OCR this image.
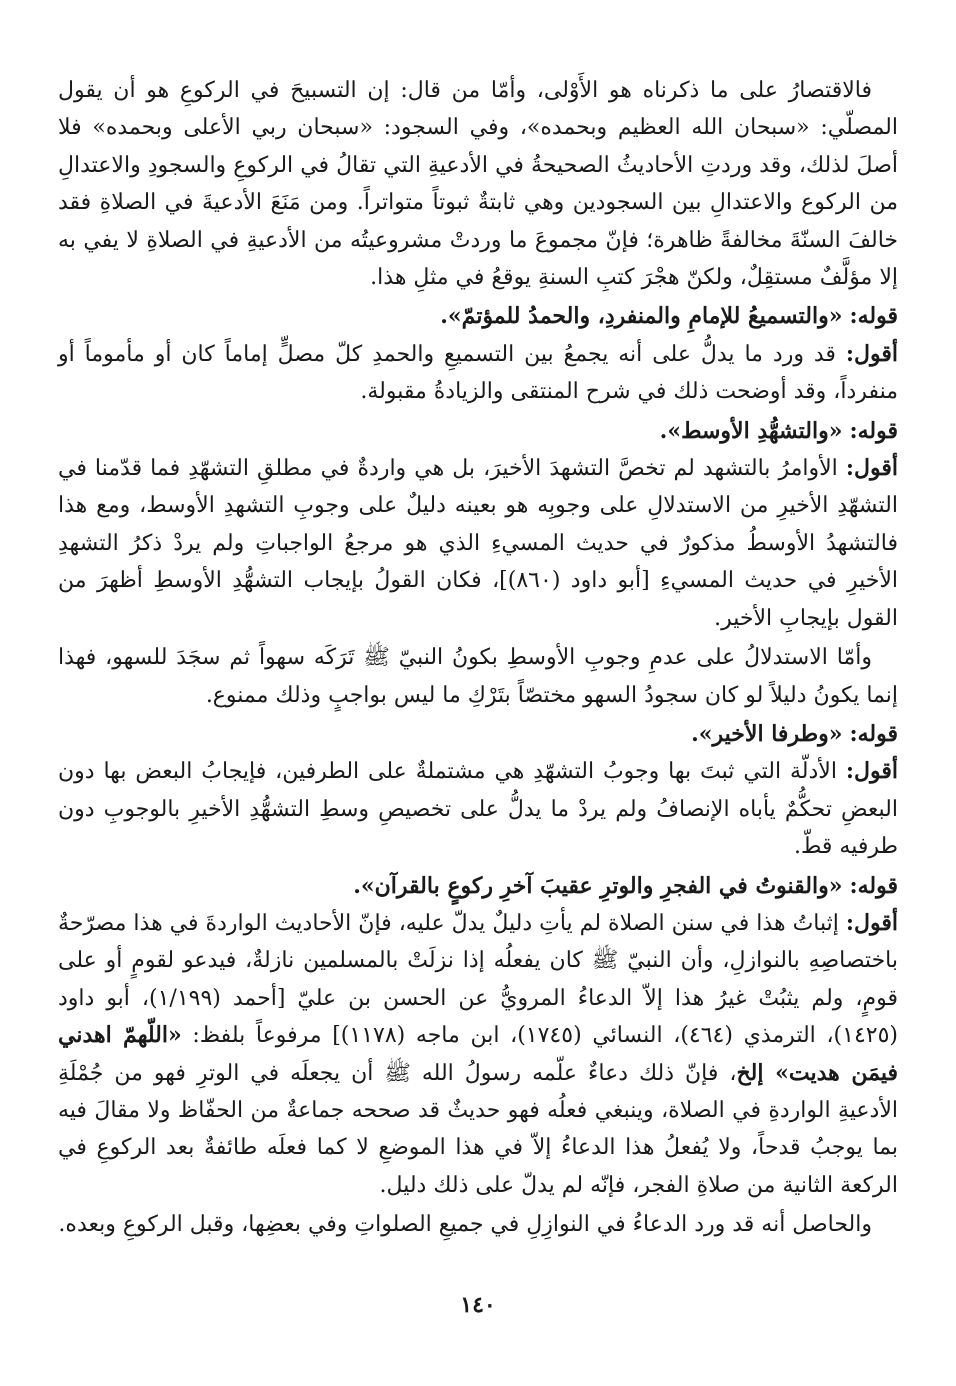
فالاقتصارُ على ما ذكرناه هو الأَوْلى، وأمّا من قال: إن التسبيحَ في الركوعِ هو أن يقول المصلّي: «سبحان الله العظيم وبحمده»، وفي السجود: «سبحان ربي الأعلى وبحمده» فلا أصلَ لذلك، وقد وردتِ الأحاديثُ الصحيحةُ في الأدعيةِ التي تقالُ في الركوعِ والسجودِ والاعتدالِ من الركوع والاعتدالِ بين السجودين وهي ثابتةٌ ثبوتاً متواتراً. ومن مَنَعَ الأدعيةَ في الصلاةِ فقد خالفَ السنّةَ مخالفةً ظاهرة؛ فإنّ مجموعَ ما وردتْ مشروعيتُه من الأدعيةِ في الصلاةِ لا يفي به إلا مؤلَّفٌ مستقِلٌ، ولكنّ هجْرَ كتبِ السنةِ يوقعُ في مثلِ هذا.

قوله: «والتسميعُ للإمامِ والمنفردِ، والحمدُ للمؤتمّ».

أقول: قد ورد ما يدلُّ على أنه يجمعُ بين التسميعِ والحمدِ كلّ مصلٍّ إماماً كان أو مأموماً أو منفرداً، وقد أوضحت ذلك في شرح المنتقى والزيادةُ مقبولة.

قوله: «والتشهُّدِ الأوسط».

أقول: الأوامرُ بالتشهد لم تخصَّ التشهدَ الأخيرَ، بل هي واردةٌ في مطلقِ التشهّدِ فما قدّمنا في التشهّدِ الأخيرِ من الاستدلالِ على وجوبِه هو بعينه دليلٌ على وجوبِ التشهدِ الأوسط، ومع هذا فالتشهدُ الأوسطُ مذكورٌ في حديث المسيءِ الذي هو مرجعُ الواجباتِ ولم يردْ ذكرُ التشهدِ الأخيرِ في حديث المسيءِ [أبو داود (٨٦٠)]، فكان القولُ بإيجاب التشهُّدِ الأوسطِ أظهرَ من القول بإيجابِ الأخير.

وأمّا الاستدلالُ على عدمِ وجوبِ الأوسطِ بكونُ النبيّ ﷺ تَرَكَه سهواً ثم سجَدَ للسهو، فهذا إنما يكونُ دليلاً لو كان سجودُ السهو مختصّاً بتَرْكِ ما ليس بواجبٍ وذلك ممنوع.

قوله: «وطرفا الأخير».

أقول: الأدلّة التي ثبتَ بها وجوبُ التشهّدِ هي مشتملةٌ على الطرفين، فإيجابُ البعض بها دون البعضِ تحكُّمٌ يأباه الإنصافُ ولم يردْ ما يدلُّ على تخصيصِ وسطِ التشهُّدِ الأخيرِ بالوجوبِ دون طرفيه قطّ.

قوله: «والقنوتُ في الفجرِ والوترِ عقيبَ آخرِ ركوعٍ بالقرآن».

أقول: إثباتُ هذا في سنن الصلاة لم يأتِ دليلٌ يدلّ عليه، فإنّ الأحاديث الواردةَ في هذا مصرّحةٌ باختصاصِهِ بالنوازلِ، وأن النبيّ ﷺ كان يفعلُه إذا نزلَتْ بالمسلمين نازلةٌ، فيدعو لقومٍ أو على قومٍ، ولم يثبُتْ غيرُ هذا إلاّ الدعاءُ المرويُّ عن الحسن بن عليّ [أحمد (١/١٩٩)، أبو داود (١٤٢٥)، الترمذي (٤٦٤)، النسائي (١٧٤٥)، ابن ماجه (١١٧٨)] مرفوعاً بلفظ: «اللّهمّ اهدني فيمَن هديت» إلخ، فإنّ ذلك دعاءٌ علّمه رسولُ الله ﷺ أن يجعلَه في الوترِ فهو من جُمْلَةِ الأدعيةِ الواردةِ في الصلاة، وينبغي فعلُه فهو حديثٌ قد صححه جماعةٌ من الحفّاظ ولا مقالَ فيه بما يوجبُ قدحاً، ولا يُفعلُ هذا الدعاءُ إلاّ في هذا الموضعِ لا كما فعلَه طائفةٌ بعد الركوعِ في الركعة الثانية من صلاةِ الفجر، فإنّه لم يدلّ على ذلك دليل.

والحاصل أنه قد ورد الدعاءُ في النوازِلِ في جميعِ الصلواتِ وفي بعضِها، وقبل الركوعِ وبعده.

١٤٠
